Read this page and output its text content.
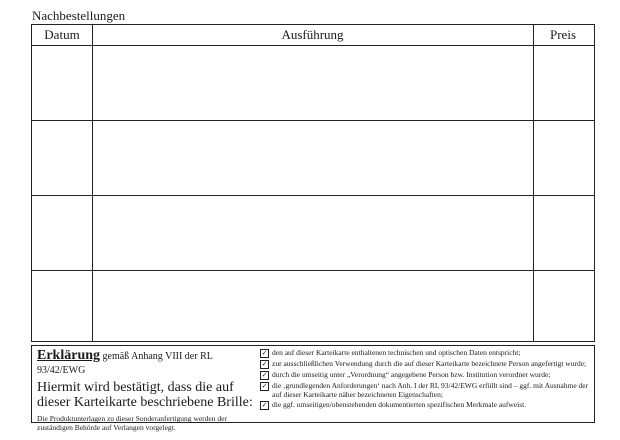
Nachbestellungen
Datum	Ausführung	Preis
Erklärung gemäß Anhang VIII der RL 93/42/EWG
Hiermit wird bestätigt, dass die auf dieser Karteikarte beschriebene Brille:
Die Produktunterlagen zu dieser Sonderanfertigung werden der zuständigen Behörde auf Verlangen vorgelegt.
✓ den auf dieser Karteikarte enthaltenen technischen und optischen Daten entspricht;
✓ zur ausschließlichen Verwendung durch die auf dieser Karteikarte bezeichnete Person angefertigt wurde;
✓ durch die umseitig unter „Verordnung“ angegebene Person bzw. Institution verordnet wurde;
✓ die ‚grundlegenden Anforderungen‘ nach Anh. I der RL 93/42/EWG erfüllt sind – ggf. mit Ausnahme der auf dieser Karteikarte näher bezeichneten Eigenschaften;
✓ die ggf. umseitigen/obenstehenden dokumentierten spezifischen Merkmale aufweist.
